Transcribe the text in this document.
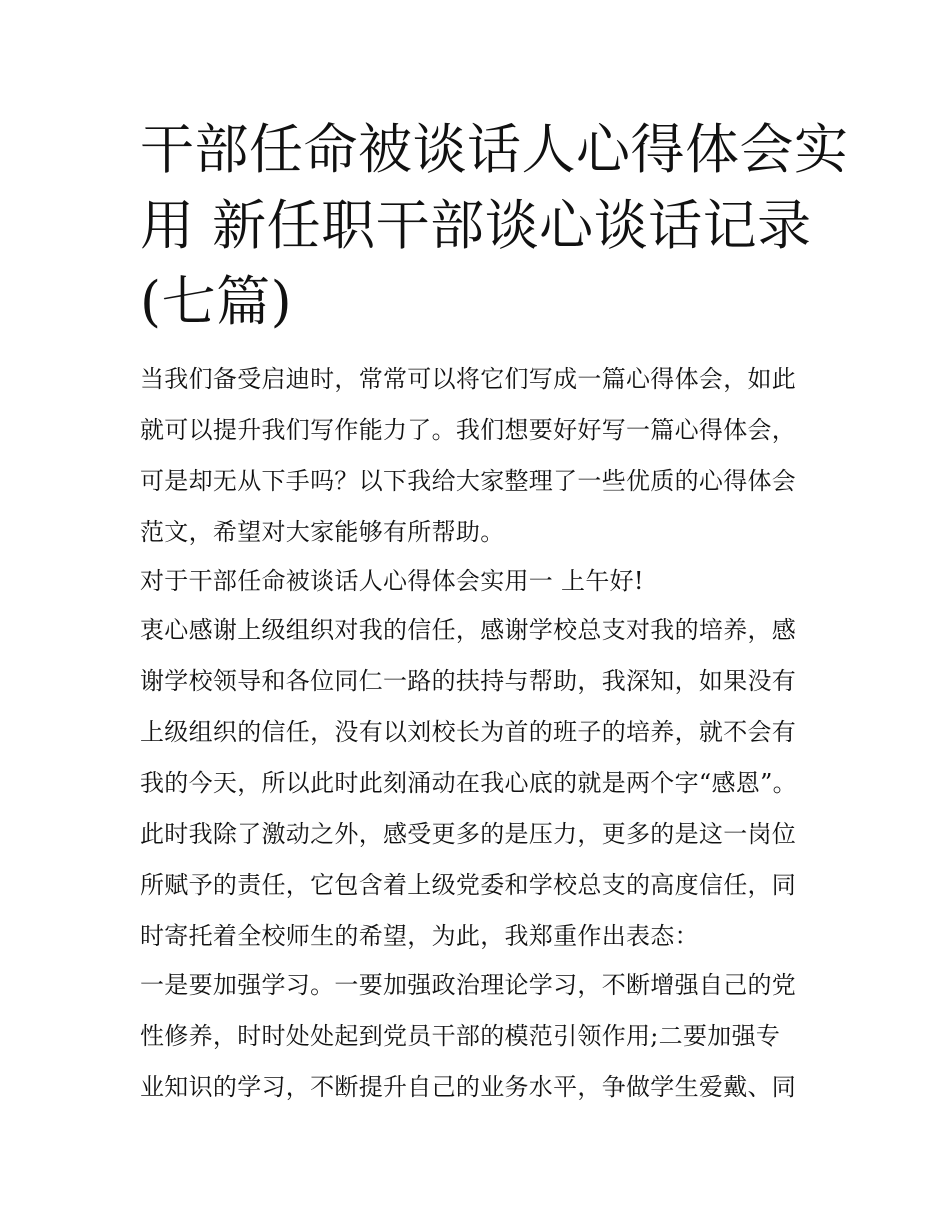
干部任命被谈话人心得体会实
用 新任职干部谈心谈话记录
(七篇)

当我们备受启迪时，常常可以将它们写成一篇心得体会，如此
就可以提升我们写作能力了。我们想要好好写一篇心得体会，
可是却无从下手吗？以下我给大家整理了一些优质的心得体会
范文，希望对大家能够有所帮助。

对于干部任命被谈话人心得体会实用一 上午好!

衷心感谢上级组织对我的信任，感谢学校总支对我的培养，感
谢学校领导和各位同仁一路的扶持与帮助，我深知，如果没有
上级组织的信任，没有以刘校长为首的班子的培养，就不会有
我的今天，所以此时此刻涌动在我心底的就是两个字“感恩”。
此时我除了激动之外，感受更多的是压力，更多的是这一岗位
所赋予的责任，它包含着上级党委和学校总支的高度信任，同
时寄托着全校师生的希望，为此，我郑重作出表态：

一是要加强学习。一要加强政治理论学习，不断增强自己的党
性修养，时时处处起到党员干部的模范引领作用;二要加强专
业知识的学习，不断提升自己的业务水平，争做学生爱戴、同
